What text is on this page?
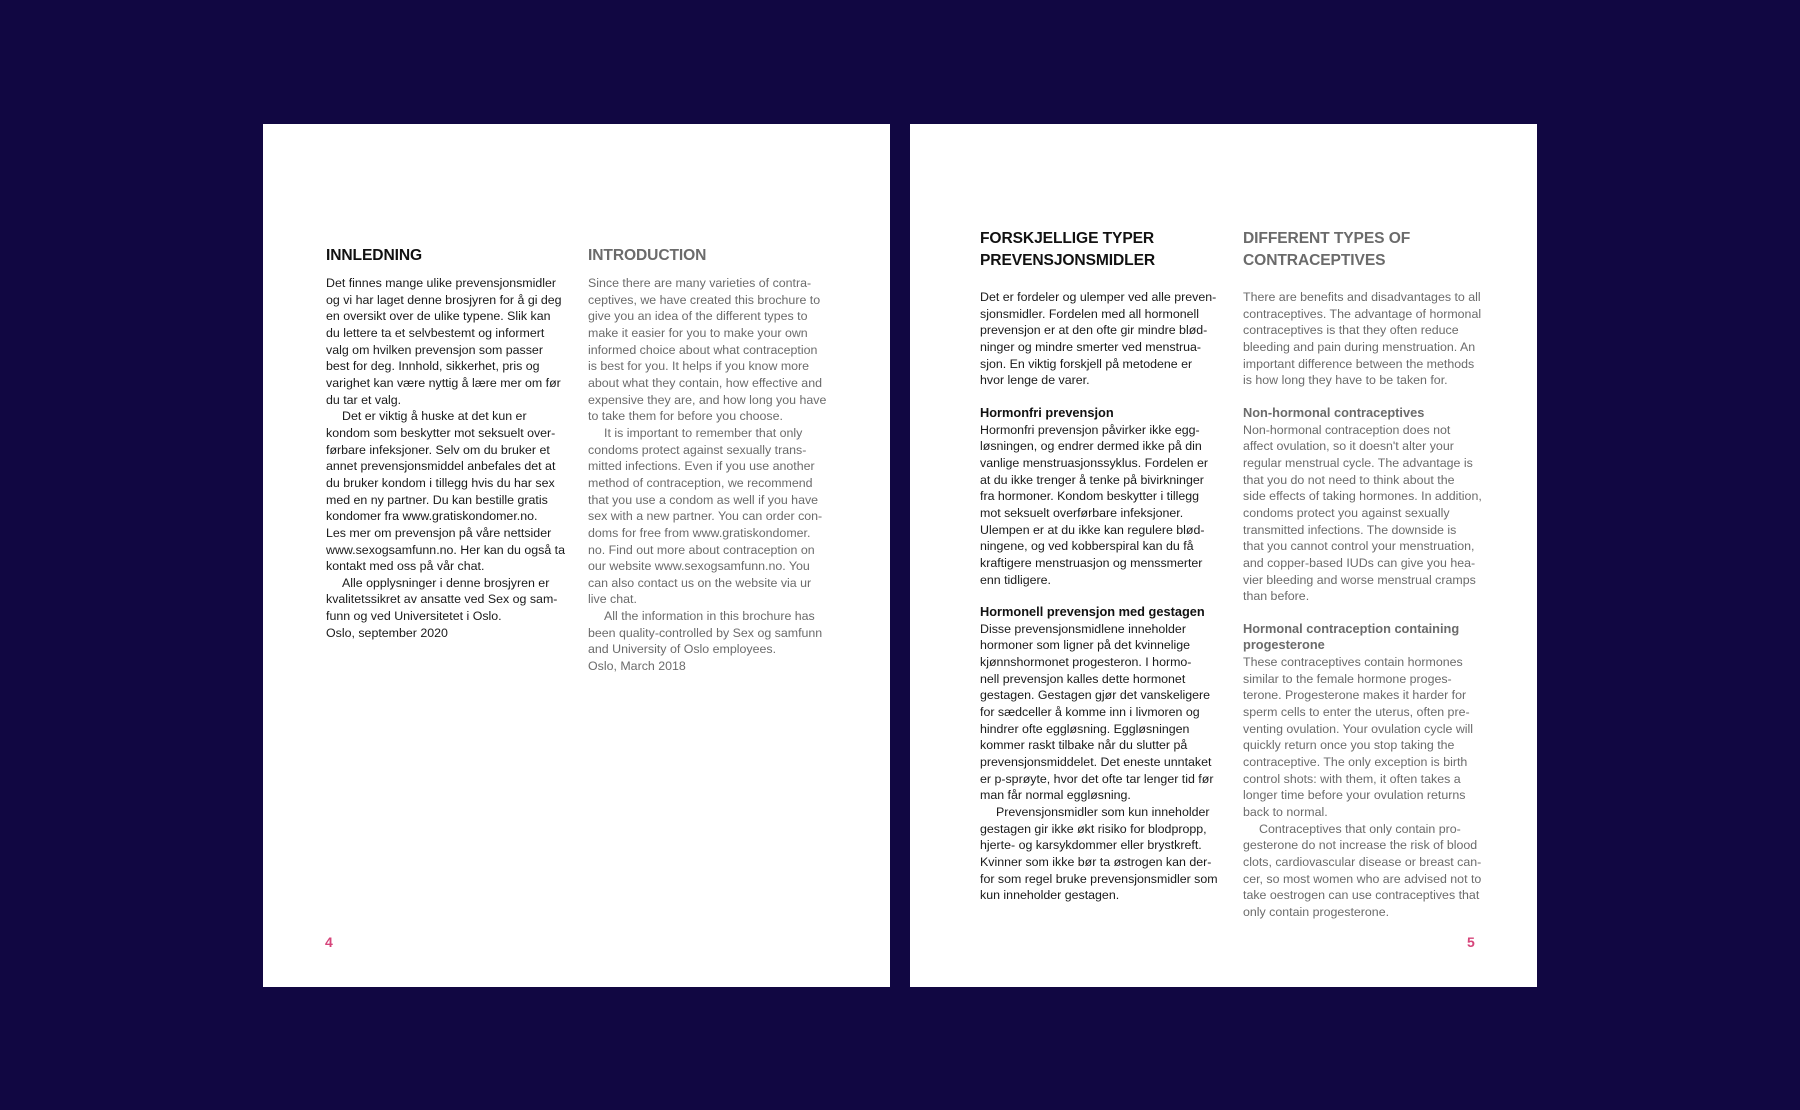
INNLEDNING

Det finnes mange ulike prevensjonsmidler
og vi har laget denne brosjyren for å gi deg
en oversikt over de ulike typene. Slik kan
du lettere ta et selvbestemt og informert
valg om hvilken prevensjon som passer
best for deg. Innhold, sikkerhet, pris og
varighet kan være nyttig å lære mer om før
du tar et valg.

Det er viktig å huske at det kun er
kondom som beskytter mot seksuelt over-
førbare infeksjoner. Selv om du bruker et
annet prevensjonsmiddel anbefales det at
du bruker kondom i tillegg hvis du har sex
med en ny partner. Du kan bestille gratis
kondomer fra www.gratiskondomer.no.
Les mer om prevensjon på våre nettsider
www.sexogsamfunn.no. Her kan du også ta
kontakt med oss på vår chat.

Alle opplysninger i denne brosjyren er
kvalitetssikret av ansatte ved Sex og sam-
funn og ved Universitetet i Oslo.

Oslo, september 2020

INTRODUCTION

Since there are many varieties of contra-
ceptives, we have created this brochure to
give you an idea of the different types to
make it easier for you to make your own
informed choice about what contraception
is best for you. It helps if you know more
about what they contain, how effective and
expensive they are, and how long you have
to take them for before you choose.

It is important to remember that only
condoms protect against sexually trans-
mitted infections. Even if you use another
method of contraception, we recommend
that you use a condom as well if you have
sex with a new partner. You can order con-
doms for free from www.gratiskondomer.
no. Find out more about contraception on
our website www.sexogsamfunn.no. You
can also contact us on the website via ur
live chat.

All the information in this brochure has
been quality-controlled by Sex og samfunn
and University of Oslo employees.

Oslo, March 2018

4
FORSKJELLIGE TYPER
PREVENSJONSMIDLER

Det er fordeler og ulemper ved alle preven-
sjonsmidler. Fordelen med all hormonell
prevensjon er at den ofte gir mindre blød-
ninger og mindre smerter ved menstrua-
sjon. En viktig forskjell på metodene er
hvor lenge de varer.

Hormonfri prevensjon

Hormonfri prevensjon påvirker ikke egg-
løsningen, og endrer dermed ikke på din
vanlige menstruasjonssyklus. Fordelen er
at du ikke trenger å tenke på bivirkninger
fra hormoner. Kondom beskytter i tillegg
mot seksuelt overførbare infeksjoner.
Ulempen er at du ikke kan regulere blød-
ningene, og ved kobberspiral kan du få
kraftigere menstruasjon og menssmerter
enn tidligere.

Hormonell prevensjon med gestagen

Disse prevensjonsmidlene inneholder
hormoner som ligner på det kvinnelige
kjønnshormonet progesteron. I hormo-
nell prevensjon kalles dette hormonet
gestagen. Gestagen gjør det vanskeligere
for sædceller å komme inn i livmoren og
hindrer ofte eggløsning. Eggløsningen
kommer raskt tilbake når du slutter på
prevensjonsmiddelet. Det eneste unntaket
er p-sprøyte, hvor det ofte tar lenger tid før
man får normal eggløsning.

Prevensjonsmidler som kun inneholder
gestagen gir ikke økt risiko for blodpropp,
hjerte- og karsykdommer eller brystkreft.
Kvinner som ikke bør ta østrogen kan der-
for som regel bruke prevensjonsmidler som
kun inneholder gestagen.

DIFFERENT TYPES OF
CONTRACEPTIVES

There are benefits and disadvantages to all
contraceptives. The advantage of hormonal
contraceptives is that they often reduce
bleeding and pain during menstruation. An
important difference between the methods
is how long they have to be taken for.

Non-hormonal contraceptives

Non-hormonal contraception does not
affect ovulation, so it doesn't alter your
regular menstrual cycle. The advantage is
that you do not need to think about the
side effects of taking hormones. In addition,
condoms protect you against sexually
transmitted infections. The downside is
that you cannot control your menstruation,
and copper-based IUDs can give you hea-
vier bleeding and worse menstrual cramps
than before.

Hormonal contraception containing
progesterone

These contraceptives contain hormones
similar to the female hormone proges-
terone. Progesterone makes it harder for
sperm cells to enter the uterus, often pre-
venting ovulation. Your ovulation cycle will
quickly return once you stop taking the
contraceptive. The only exception is birth
control shots: with them, it often takes a
longer time before your ovulation returns
back to normal.

Contraceptives that only contain pro-
gesterone do not increase the risk of blood
clots, cardiovascular disease or breast can-
cer, so most women who are advised not to
take oestrogen can use contraceptives that
only contain progesterone.

5
